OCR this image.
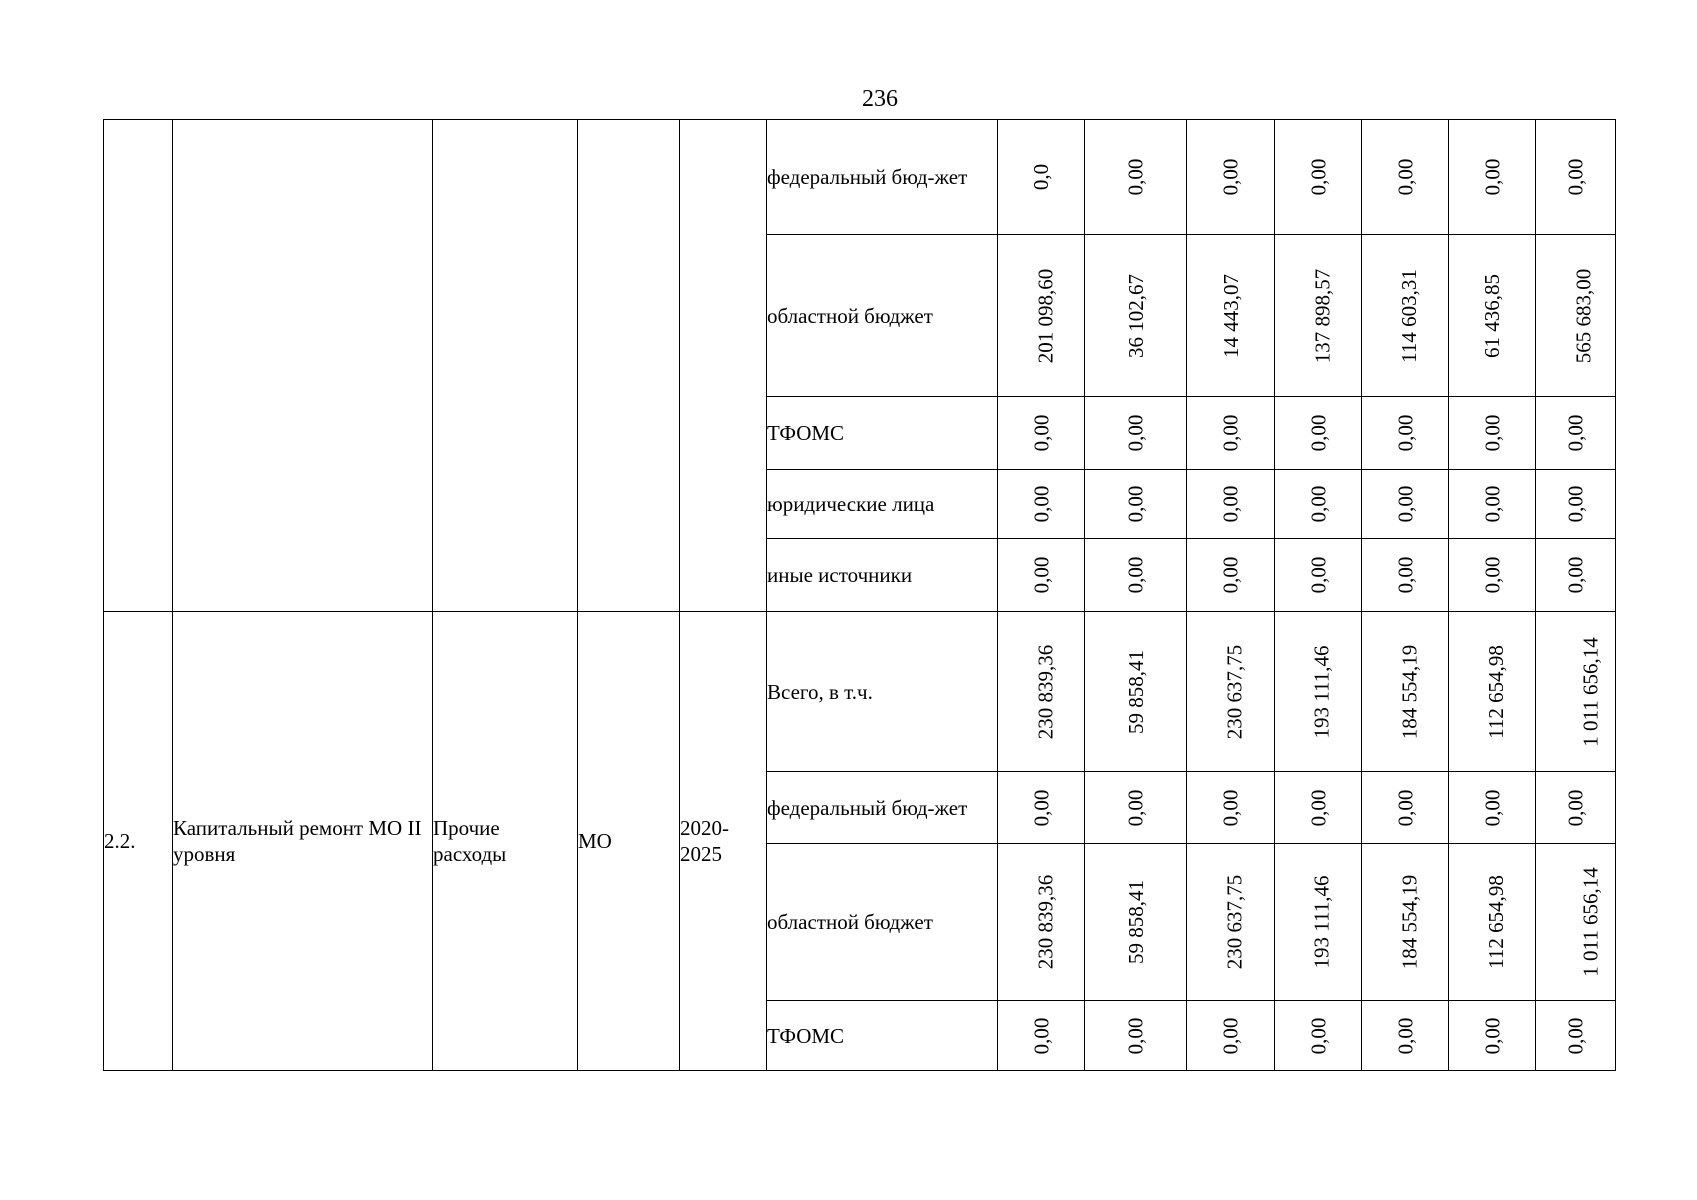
236
					федеральный бюд-жет	0,0	0,00	0,00	0,00	0,00	0,00	0,00
					областной бюджет	201 098,60	36 102,67	14 443,07	137 898,57	114 603,31	61 436,85	565 683,00
					ТФОМС	0,00	0,00	0,00	0,00	0,00	0,00	0,00
					юридические лица	0,00	0,00	0,00	0,00	0,00	0,00	0,00
					иные источники	0,00	0,00	0,00	0,00	0,00	0,00	0,00
2.2.	Капитальный ремонт МО II уровня	Прочие расходы	МО	2020-2025	Всего, в т.ч.	230 839,36	59 858,41	230 637,75	193 111,46	184 554,19	112 654,98	1 011 656,14
					федеральный бюд-жет	0,00	0,00	0,00	0,00	0,00	0,00	0,00
					областной бюджет	230 839,36	59 858,41	230 637,75	193 111,46	184 554,19	112 654,98	1 011 656,14
					ТФОМС	0,00	0,00	0,00	0,00	0,00	0,00	0,00
